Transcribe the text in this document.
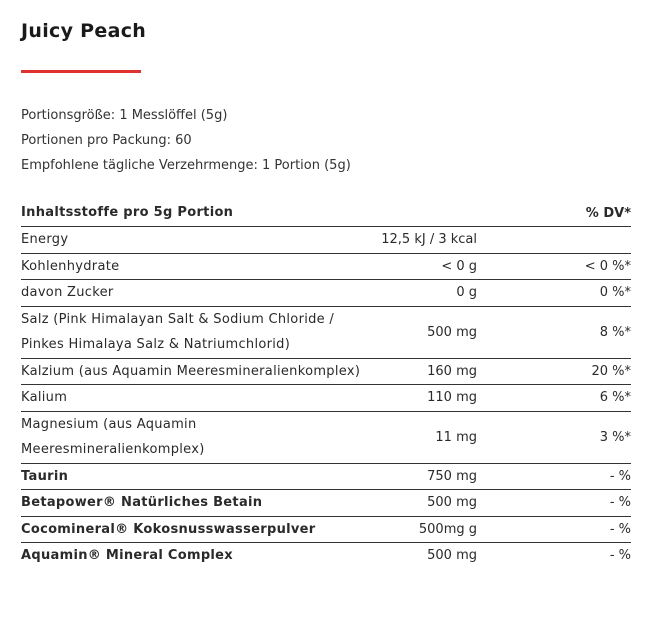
Juicy Peach
Portionsgröße: 1 Messlöffel (5g)
Portionen pro Packung: 60
Empfohlene tägliche Verzehrmenge: 1 Portion (5g)
Inhaltsstoffe pro 5g Portion		% DV*
Energy	12,5 kJ / 3 kcal	
Kohlenhydrate	< 0 g	< 0 %*
davon Zucker	0 g	0 %*
Salz (Pink Himalayan Salt & Sodium Chloride / Pinkes Himalaya Salz & Natriumchlorid)	500 mg	8 %*
Kalzium (aus Aquamin Meeresmineralienkomplex)	160 mg	20 %*
Kalium	110 mg	6 %*
Magnesium (aus Aquamin Meeresmineralienkomplex)	11 mg	3 %*
Taurin	750 mg	- %
Betapower® Natürliches Betain	500 mg	- %
Cocomineral® Kokosnusswasserpulver	500mg g	- %
Aquamin® Mineral Complex	500 mg	- %
